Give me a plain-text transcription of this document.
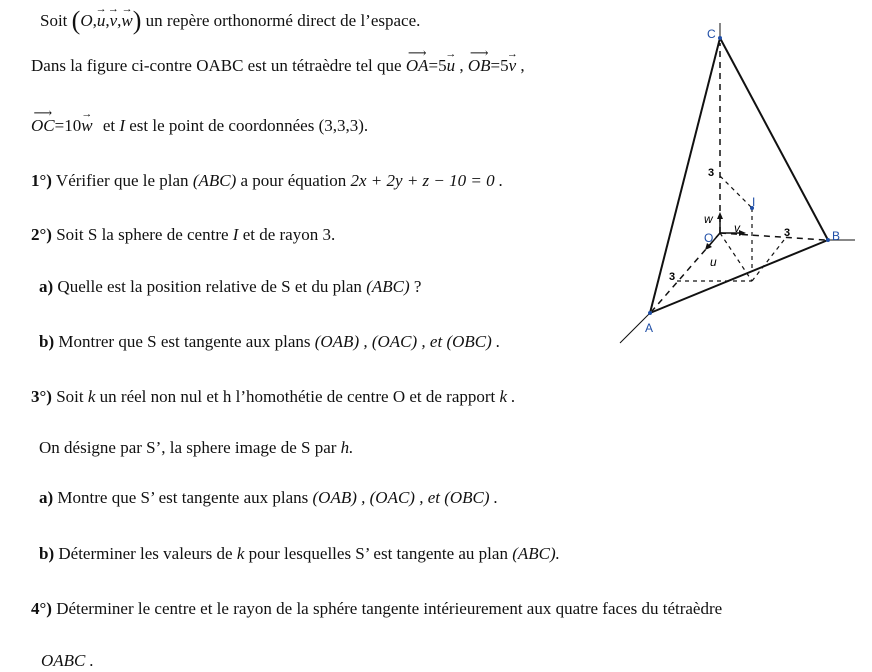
Soit (O,→ u,→ v,→ w) un repère orthonormé direct de l’espace.
Dans la figure ci-contre OABC est un tétraèdre tel que ⟶ OA=5→ u , ⟶ OB=5→ v ,
⟶ OC=10→ w et I est le point de coordonnées (3,3,3).
1°) Vérifier que le plan (ABC) a pour équation 2x + 2y + z − 10 = 0 .
2°) Soit S la sphere de centre I et de rayon 3.
a) Quelle est la position relative de S et du plan (ABC) ?
b) Montrer que S est tangente aux plans (OAB) , (OAC) , et (OBC) .
3°) Soit k un réel non nul et h l’homothétie de centre O et de rapport k .
On désigne par S’, la sphere image de S par h.
a) Montre que S’ est tangente aux plans (OAB) , (OAC) , et (OBC) .
b) Déterminer les valeurs de k pour lesquelles S’ est tangente au plan (ABC).
4°) Déterminer le centre et le rayon de la sphére tangente intérieurement aux quatre faces du tétraèdre
OABC .
C
B
A
O
I
3
3
3
w
v
u
